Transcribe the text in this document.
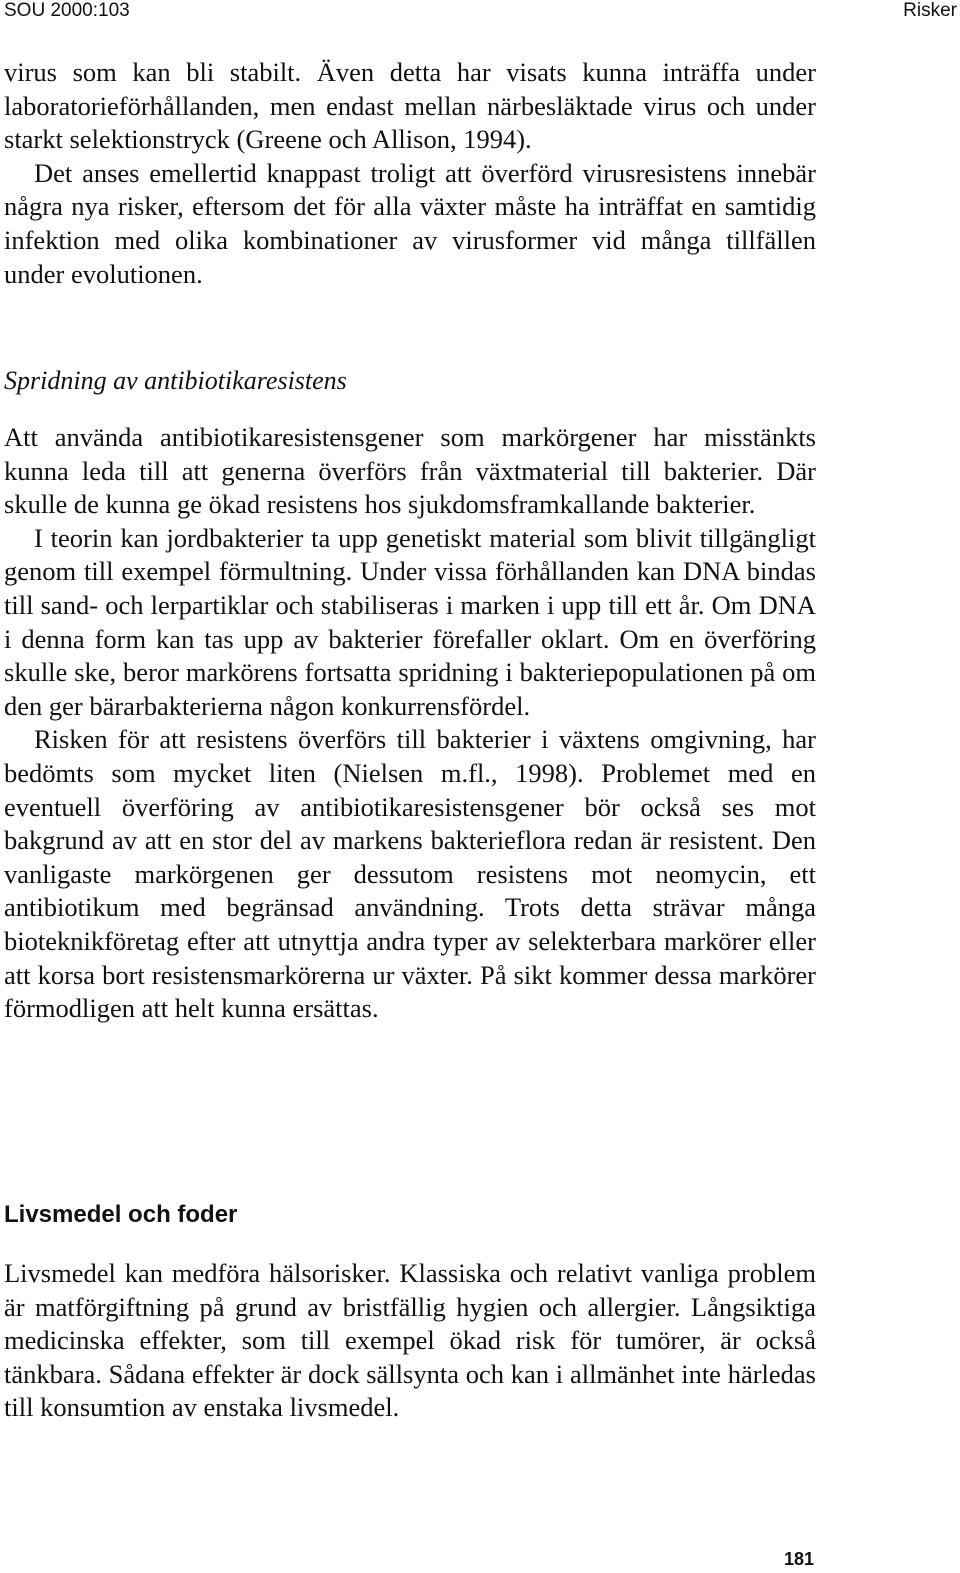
SOU 2000:103	Risker

virus som kan bli stabilt. Även detta har visats kunna inträffa under laboratorieförhållanden, men endast mellan närbesläktade virus och under starkt selektionstryck (Greene och Allison, 1994).

Det anses emellertid knappast troligt att överförd virusresistens innebär några nya risker, eftersom det för alla växter måste ha inträffat en samtidig infektion med olika kombinationer av virusformer vid många tillfällen under evolutionen.

Spridning av antibiotikaresistens

Att använda antibiotikaresistensgener som markörgener har misstänkts kunna leda till att generna överförs från växtmaterial till bakterier. Där skulle de kunna ge ökad resistens hos sjukdomsframkallande bakterier.

I teorin kan jordbakterier ta upp genetiskt material som blivit tillgängligt genom till exempel förmultning. Under vissa förhållanden kan DNA bindas till sand- och lerpartiklar och stabiliseras i marken i upp till ett år. Om DNA i denna form kan tas upp av bakterier förefaller oklart. Om en överföring skulle ske, beror markörens fortsatta spridning i bakteriepopulationen på om den ger bärarbakterierna någon konkurrensfördel.

Risken för att resistens överförs till bakterier i växtens omgivning, har bedömts som mycket liten (Nielsen m.fl., 1998). Problemet med en eventuell överföring av antibiotikaresistensgener bör också ses mot bakgrund av att en stor del av markens bakterieflora redan är resistent. Den vanligaste markörgenen ger dessutom resistens mot neomycin, ett antibiotikum med begränsad användning. Trots detta strävar många bioteknikföretag efter att utnyttja andra typer av selekterbara markörer eller att korsa bort resistensmarkörerna ur växter. På sikt kommer dessa markörer förmodligen att helt kunna ersättas.

Livsmedel och foder

Livsmedel kan medföra hälsorisker. Klassiska och relativt vanliga problem är matförgiftning på grund av bristfällig hygien och allergier. Långsiktiga medicinska effekter, som till exempel ökad risk för tumörer, är också tänkbara. Sådana effekter är dock sällsynta och kan i allmänhet inte härledas till konsumtion av enstaka livsmedel.

181
